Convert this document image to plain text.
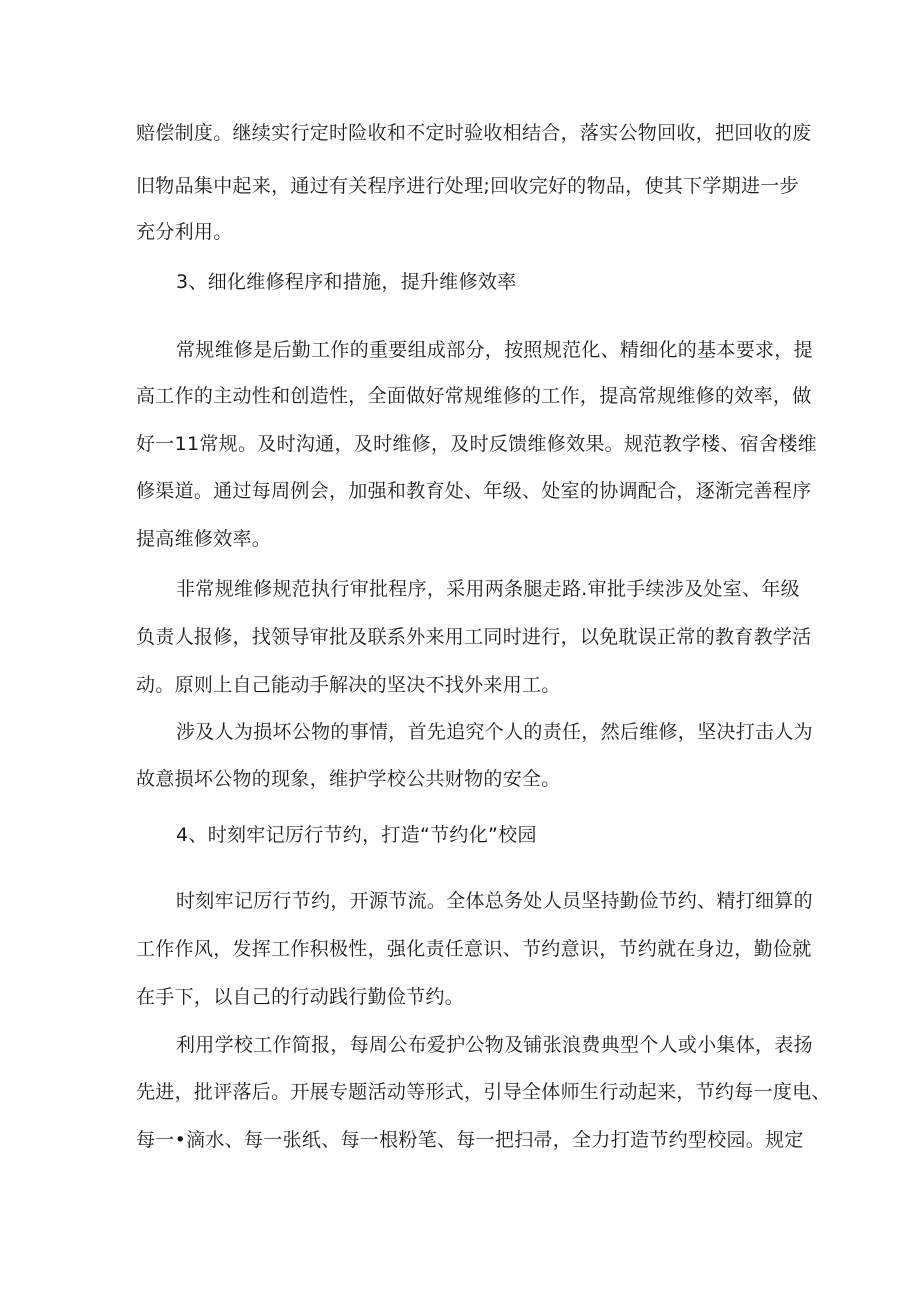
赔偿制度。继续实行定时险收和不定时验收相结合，落实公物回收，把回收的废
旧物品集中起来，通过有关程序进行处理;回收完好的物品，使其下学期进一步
充分利用。
3、细化维修程序和措施，提升维修效率
常规维修是后勤工作的重要组成部分，按照规范化、精细化的基本要求，提
高工作的主动性和创造性，全面做好常规维修的工作，提高常规维修的效率，做
好一11常规。及时沟通，及时维修，及时反馈维修效果。规范教学楼、宿舍楼维
修渠道。通过每周例会，加强和教育处、年级、处室的协调配合，逐渐完善程序
提高维修效率。
非常规维修规范执行审批程序，采用两条腿走路.审批手续涉及处室、年级
负责人报修，找领导审批及联系外来用工同时进行，以免耽误正常的教育教学活
动。原则上自己能动手解决的坚决不找外来用工。
涉及人为损坏公物的事情，首先追究个人的责任，然后维修，坚决打击人为
故意损坏公物的现象，维护学校公共财物的安全。
4、时刻牢记厉行节约，打造“节约化”校园
时刻牢记厉行节约，开源节流。全体总务处人员坚持勤俭节约、精打细算的
工作作风，发挥工作积极性，强化责任意识、节约意识，节约就在身边，勤俭就
在手下，以自己的行动践行勤俭节约。
利用学校工作简报，每周公布爱护公物及铺张浪费典型个人或小集体，表扬
先进，批评落后。开展专题活动等形式，引导全体师生行动起来，节约每一度电、
每一•滴水、每一张纸、每一根粉笔、每一把扫帚，全力打造节约型校园。规定
